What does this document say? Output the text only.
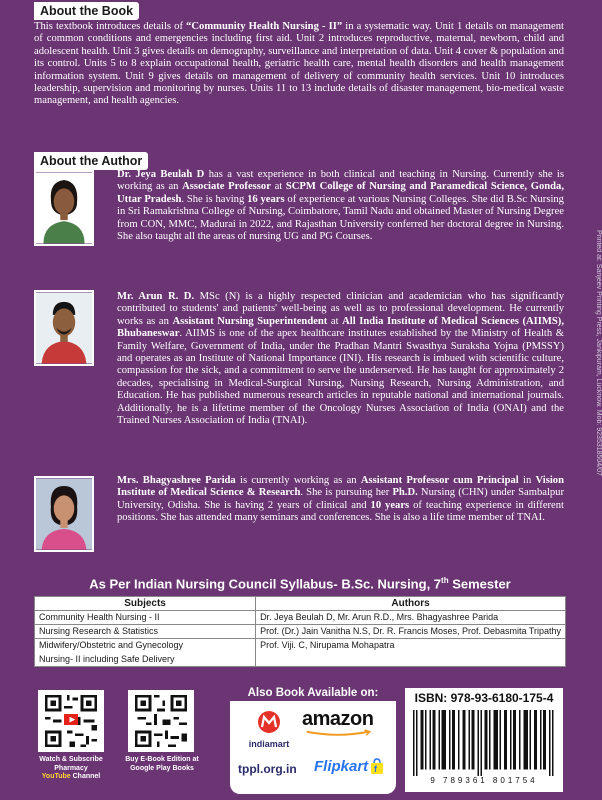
About the Book

This textbook introduces details of “Community Health Nursing - II” in a systematic way. Unit 1 details on management of common conditions and emergencies including first aid. Unit 2 introduces reproductive, maternal, newborn, child and adolescent health. Unit 3 gives details on demography, surveillance and interpretation of data. Unit 4 cover & population and its control. Units 5 to 8 explain occupational health, geriatric health care, mental health disorders and health management information system. Unit 9 gives details on management of delivery of community health services. Unit 10 introduces leadership, supervision and monitoring by nurses. Units 11 to 13 include details of disaster management, bio-medical waste management, and health agencies.

About the Author

Dr. Jeya Beulah D has a vast experience in both clinical and teaching in Nursing. Currently she is working as an Associate Professor at SCPM College of Nursing and Paramedical Science, Gonda, Uttar Pradesh. She is having 16 years of experience at various Nursing Colleges. She did B.Sc Nursing in Sri Ramakrishna College of Nursing, Coimbatore, Tamil Nadu and obtained Master of Nursing Degree from CON, MMC, Madurai in 2022, and Rajasthan University conferred her doctoral degree in Nursing. She also taught all the areas of nursing UG and PG Courses.

Mr. Arun R. D. MSc (N) is a highly respected clinician and academician who has significantly contributed to students' and patients' well-being as well as to professional development. He currently works as an Assistant Nursing Superintendent at All India Institute of Medical Sciences (AIIMS), Bhubaneswar. AIIMS is one of the apex healthcare institutes established by the Ministry of Health & Family Welfare, Government of India, under the Pradhan Mantri Swasthya Suraksha Yojna (PMSSY) and operates as an Institute of National Importance (INI). His research is imbued with scientific culture, compassion for the sick, and a commitment to serve the underserved. He has taught for approximately 2 decades, specialising in Medical-Surgical Nursing, Nursing Research, Nursing Administration, and Education. He has published numerous research articles in reputable national and international journals. Additionally, he is a lifetime member of the Oncology Nurses Association of India (ONAI) and the Trained Nurses Association of India (TNAI).

Mrs. Bhagyashree Parida is currently working as an Assistant Professor cum Principal in Vision Institute of Medical Science & Research. She is pursuing her Ph.D. Nursing (CHN) under Sambalpur University, Odisha. She is having 2 years of clinical and 10 years of teaching experience in different positions. She has attended many seminars and conferences. She is also a life time member of TNAI.

Printed at: Sanjeev Printing Press, Jankipuram, Lucknow. Mob: 9235318504/07
As Per Indian Nursing Council Syllabus- B.Sc. Nursing, 7th Semester
Subjects	Authors
Community Health Nursing - II	Dr. Jeya Beulah D, Mr. Arun R.D., Mrs. Bhagyashree Parida
Nursing Research & Statistics	Prof. (Dr.) Jain Vanitha N.S, Dr. R. Francis Moses, Prof. Debasmita Tripathy
Midwifery/Obstetric and Gynecology	Prof. Viji. C, Nirupama Mohapatra
Nursing- II including Safe Delivery	
Watch & Subscribe
Pharmacy
YouTube Channel
Buy E-Book Edition at
Google Play Books
Also Book Available on:
indiamart
amazon
tppl.org.in Flipkart f
ISBN: 978-93-6180-175-4
9 789361 801754
